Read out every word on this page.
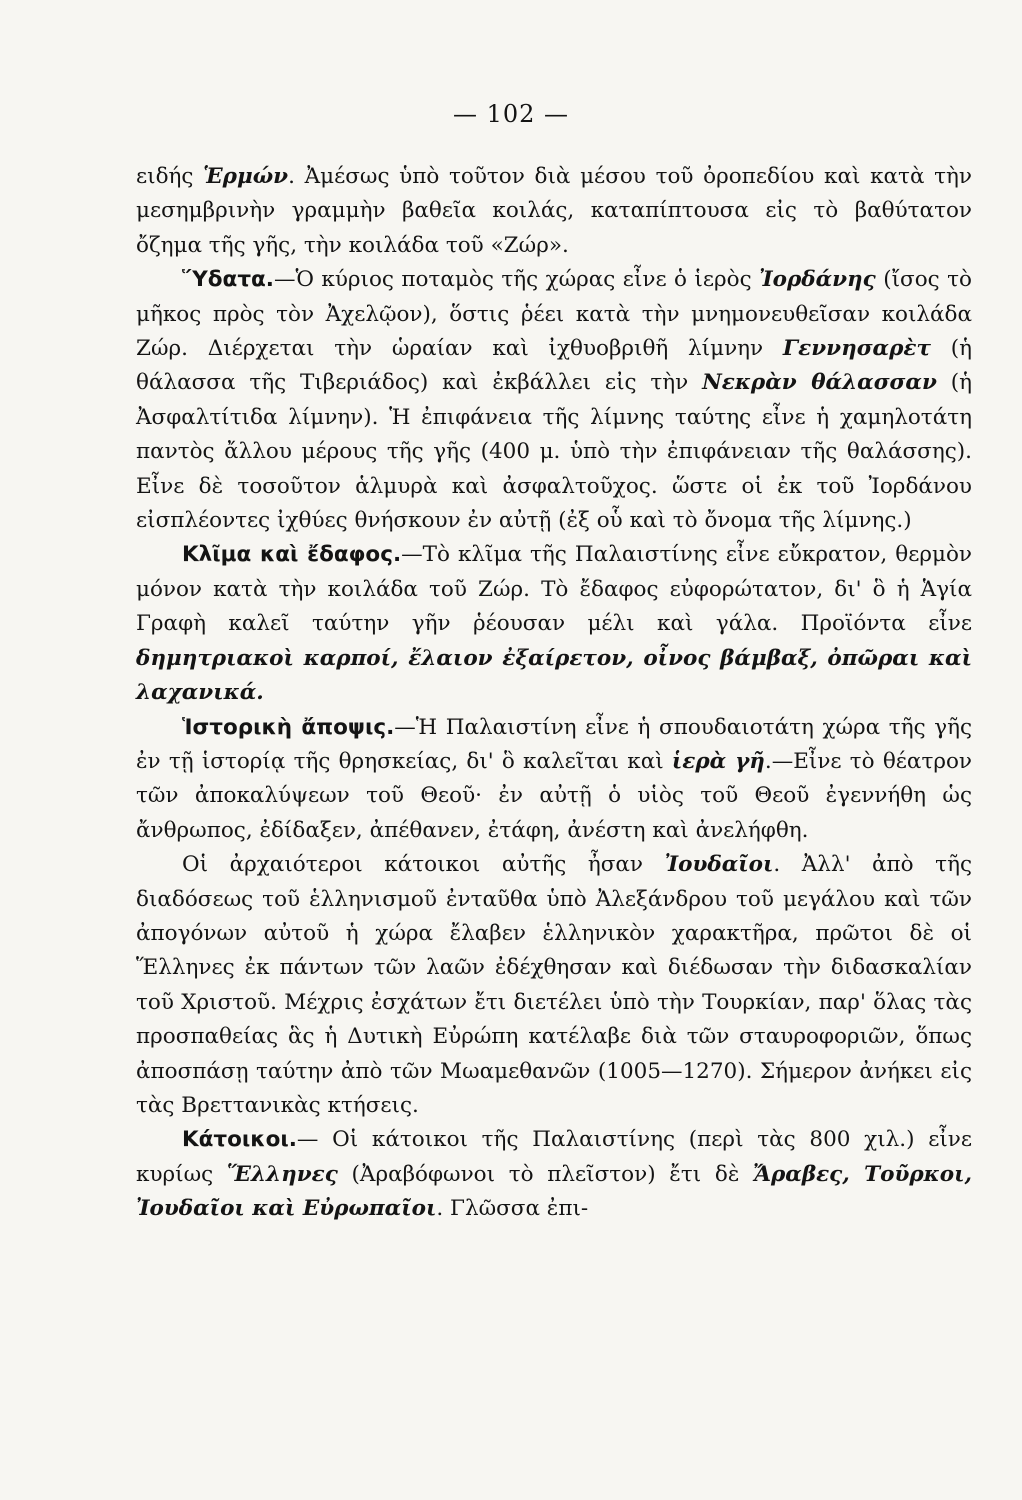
— 102 —

ειδής Ἑρμών. Ἀμέσως ὑπὸ τοῦτον διὰ μέσου τοῦ ὀροπεδίου καὶ κατὰ τὴν μεσημβρινὴν γραμμὴν βαθεῖα κοιλάς, καταπίπτουσα εἰς τὸ βαθύτατον ὄζημα τῆς γῆς, τὴν κοιλάδα τοῦ «Ζώρ».

Ὕδατα.—Ὁ κύριος ποταμὸς τῆς χώρας εἶνε ὁ ἱερὸς Ἰορδάνης (ἴσος τὸ μῆκος πρὸς τὸν Ἀχελῷον), ὅστις ῥέει κατὰ τὴν μνημονευθεῖσαν κοιλάδα Ζώρ. Διέρχεται τὴν ὡραίαν καὶ ἰχθυοβριθῆ λίμνην Γεννησαρὲτ (ἡ θάλασσα τῆς Τιβεριάδος) καὶ ἐκβάλλει εἰς τὴν Νεκρὰν θάλασσαν (ἡ Ἀσφαλτίτιδα λίμνην). Ἡ ἐπιφάνεια τῆς λίμνης ταύτης εἶνε ἡ χαμηλοτάτη παντὸς ἄλλου μέρους τῆς γῆς (400 μ. ὑπὸ τὴν ἐπιφάνειαν τῆς θαλάσσης). Εἶνε δὲ τοσοῦτον ἁλμυρὰ καὶ ἀσφαλτοῦχος. ὥστε οἱ ἐκ τοῦ Ἰορδάνου εἰσπλέοντες ἰχθύες θνήσκουν ἐν αὐτῇ (ἐξ οὗ καὶ τὸ ὄνομα τῆς λίμνης.)

Κλῖμα καὶ ἔδαφος.—Τὸ κλῖμα τῆς Παλαιστίνης εἶνε εὔκρατον, θερμὸν μόνον κατὰ τὴν κοιλάδα τοῦ Ζώρ. Τὸ ἔδαφος εὐφορώτατον, δι' ὃ ἡ Ἁγία Γραφὴ καλεῖ ταύτην γῆν ῥέουσαν μέλι καὶ γάλα. Προϊόντα εἶνε δημητριακοὶ καρποί, ἔλαιον ἐξαίρετον, οἶνος βάμβαξ, ὀπῶραι καὶ λαχανικά.

Ἱστορικὴ ἄποψις.—Ἡ Παλαιστίνη εἶνε ἡ σπουδαιοτάτη χώρα τῆς γῆς ἐν τῇ ἱστορίᾳ τῆς θρησκείας, δι' ὃ καλεῖται καὶ ἱερὰ γῆ.—Εἶνε τὸ θέατρον τῶν ἀποκαλύψεων τοῦ Θεοῦ· ἐν αὐτῇ ὁ υἱὸς τοῦ Θεοῦ ἐγεννήθη ὡς ἄνθρωπος, ἐδίδαξεν, ἀπέθανεν, ἐτάφη, ἀνέστη καὶ ἀνελήφθη.

Οἱ ἀρχαιότεροι κάτοικοι αὐτῆς ἦσαν Ἰουδαῖοι. Ἀλλ' ἀπὸ τῆς διαδόσεως τοῦ ἑλληνισμοῦ ἐνταῦθα ὑπὸ Ἀλεξάνδρου τοῦ μεγάλου καὶ τῶν ἀπογόνων αὐτοῦ ἡ χώρα ἔλαβεν ἑλληνικὸν χαρακτῆρα, πρῶτοι δὲ οἱ Ἕλληνες ἐκ πάντων τῶν λαῶν ἐδέχθησαν καὶ διέδωσαν τὴν διδασκαλίαν τοῦ Χριστοῦ. Μέχρις ἐσχάτων ἔτι διετέλει ὑπὸ τὴν Τουρκίαν, παρ' ὅλας τὰς προσπαθείας ἃς ἡ Δυτικὴ Εὐρώπη κατέλαβε διὰ τῶν σταυροφοριῶν, ὅπως ἀποσπάσῃ ταύτην ἀπὸ τῶν Μωαμεθανῶν (1005—1270). Σήμερον ἀνήκει εἰς τὰς Βρεττανικὰς κτήσεις.

Κάτοικοι.— Οἱ κάτοικοι τῆς Παλαιστίνης (περὶ τὰς 800 χιλ.) εἶνε κυρίως Ἕλληνες (Ἀραβόφωνοι τὸ πλεῖστον) ἔτι δὲ Ἄραβες, Τοῦρκοι, Ἰουδαῖοι καὶ Εὐρωπαῖοι. Γλῶσσα ἐπι-
